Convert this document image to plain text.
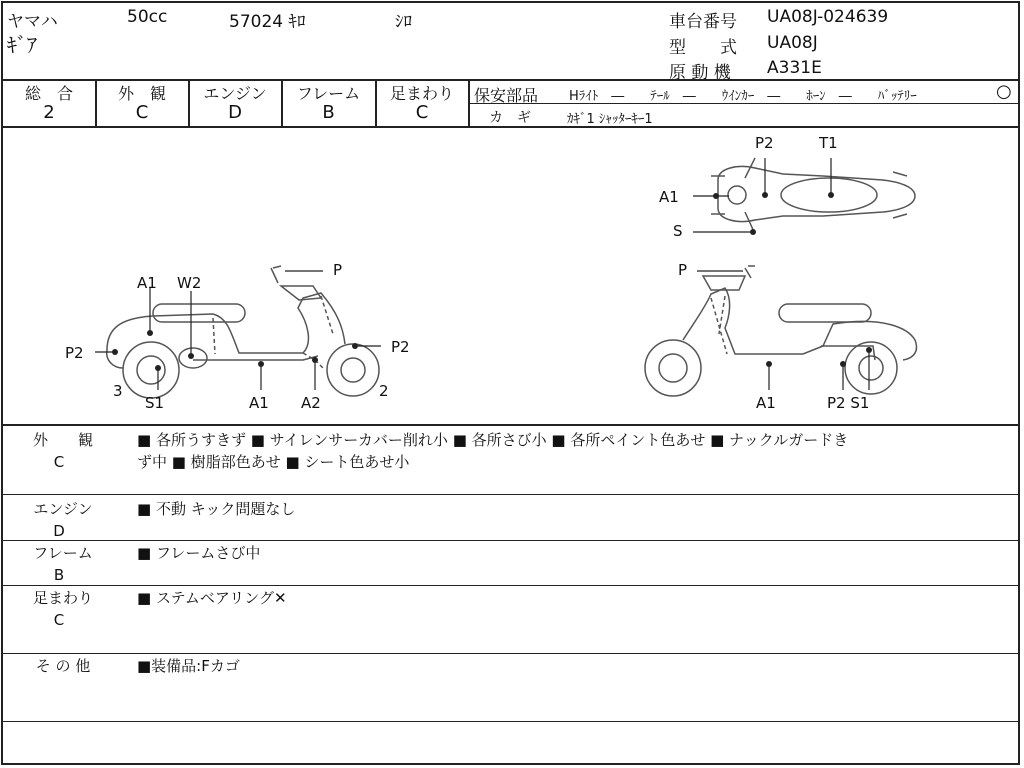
ヤマハ	50cc	57024 ｷﾛ	ｼﾛ
ｷﾞｱ
車台番号 UA08J-024639
型　　式 UA08J
原 動 機 A331E
総　合
2
外　観
C
エンジン
D
フレーム
B
足まわり
C
保安部品 Hﾗｲﾄ　―　　ﾃｰﾙ　―　　ｳｲﾝｶｰ　―　　ﾎｰﾝ　―　　ﾊﾞｯﾃﾘｰ	○
カ　ギ	ｶｷﾞ1 ｼｬｯﾀｰｷｰ1
P2	T1
A1
S
A1 W2
P
P2	P2
3	2
S1	A1 A2
P
A1	P2 S1
外　　観
C
■ 各所うすきず ■ サイレンサーカバー削れ小 ■ 各所さび小 ■ 各所ペイント色あせ ■ ナックルガードき
ず中 ■ 樹脂部色あせ ■ シート色あせ小
エンジン
D
■ 不動 キック問題なし
フレーム
B
■ フレームさび中
足まわり
C
■ ステムベアリング✕
そ の 他	■装備品:Fカゴ
